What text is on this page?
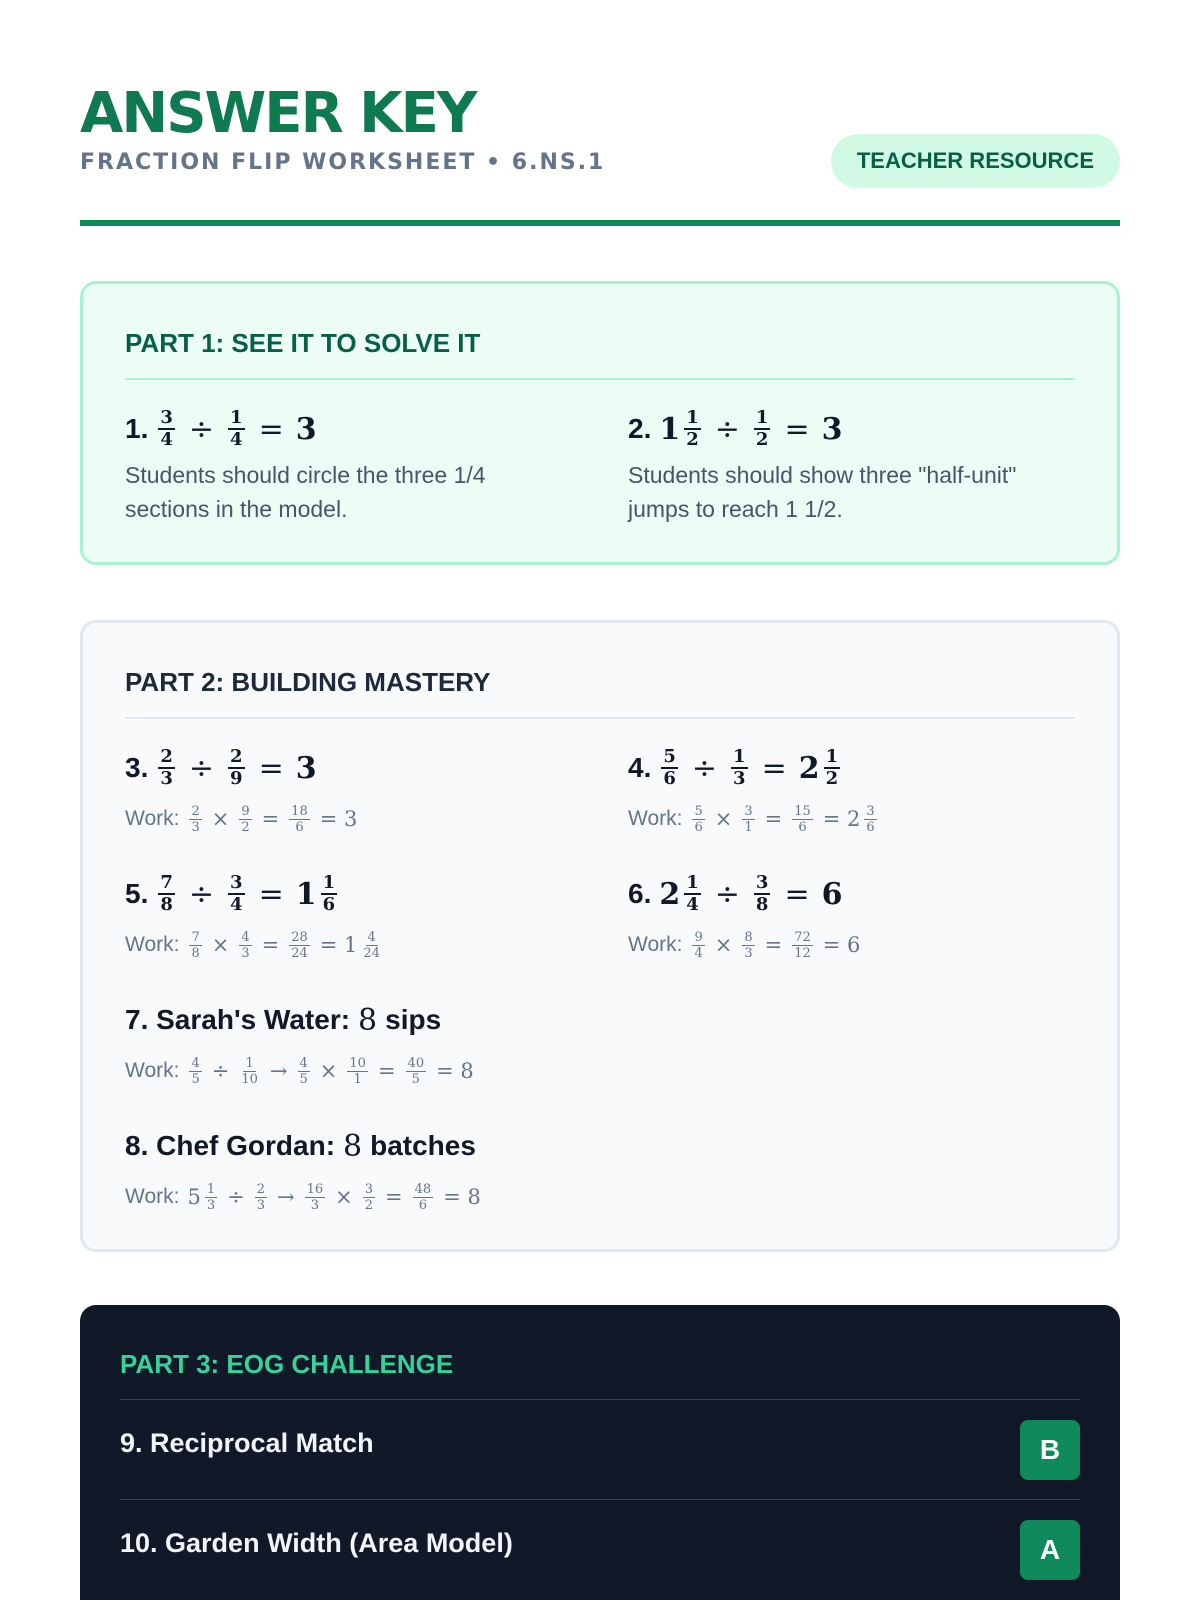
ANSWER KEY
FRACTION FLIP WORKSHEET • 6.NS.1	TEACHER RESOURCE
PART 1: SEE IT TO SOLVE IT
1. $\frac{3}{4} \div \frac{1}{4} = 3$
Students should circle the three 1/4 sections in the model.
2. $1 \frac{1}{2} \div \frac{1}{2} = 3$
Students should show three "half-unit" jumps to reach 1 1/2.
PART 2: BUILDING MASTERY
3. $\frac{2}{3} \div \frac{2}{9} = 3$
Work: $\frac{2}{3} \times \frac{9}{2} = \frac{18}{6} = 3$
4. $\frac{5}{6} \div \frac{1}{3} = 2 \frac{1}{2}$
Work: $\frac{5}{6} \times \frac{3}{1} = \frac{15}{6} = 2 \frac{3}{6}$
5. $\frac{7}{8} \div \frac{3}{4} = 1 \frac{1}{6}$
Work: $\frac{7}{8} \times \frac{4}{3} = \frac{28}{24} = 1 \frac{4}{24}$
6. $2 \frac{1}{4} \div \frac{3}{8} = 6$
Work: $\frac{9}{4} \times \frac{8}{3} = \frac{72}{12} = 6$
7. Sarah's Water: 8 sips
Work: $\frac{4}{5} \div \frac{1}{10} \to \frac{4}{5} \times \frac{10}{1} = \frac{40}{5} = 8$
8. Chef Gordan: 8 batches
Work: $5 \frac{1}{3} \div \frac{2}{3} \to \frac{16}{3} \times \frac{3}{2} = \frac{48}{6} = 8$
PART 3: EOG CHALLENGE
9. Reciprocal Match	B
10. Garden Width (Area Model)	A
